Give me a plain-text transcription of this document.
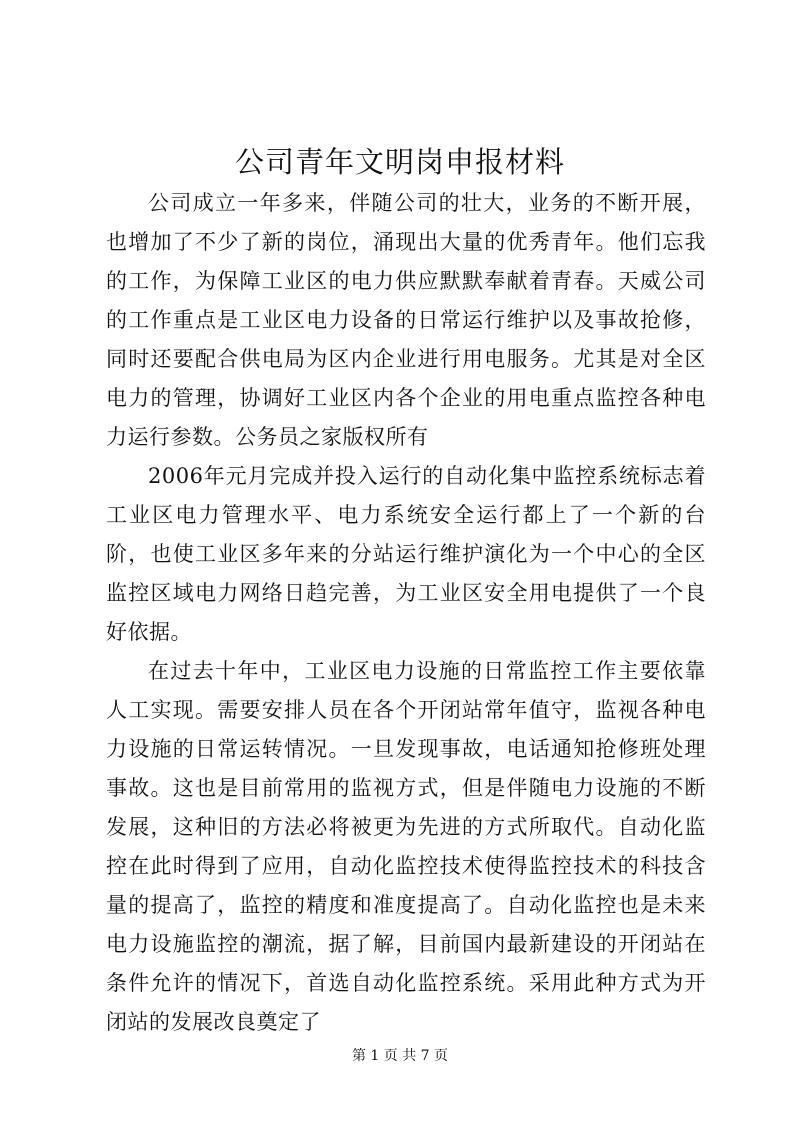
公司青年文明岗申报材料

公司成立一年多来，伴随公司的壮大，业务的不断开展，也增加了不少了新的岗位，涌现出大量的优秀青年。他们忘我的工作，为保障工业区的电力供应默默奉献着青春。天威公司的工作重点是工业区电力设备的日常运行维护以及事故抢修，同时还要配合供电局为区内企业进行用电服务。尤其是对全区电力的管理，协调好工业区内各个企业的用电重点监控各种电力运行参数。公务员之家版权所有

2006年元月完成并投入运行的自动化集中监控系统标志着工业区电力管理水平、电力系统安全运行都上了一个新的台阶，也使工业区多年来的分站运行维护演化为一个中心的全区监控区域电力网络日趋完善，为工业区安全用电提供了一个良好依据。

在过去十年中，工业区电力设施的日常监控工作主要依靠人工实现。需要安排人员在各个开闭站常年值守，监视各种电力设施的日常运转情况。一旦发现事故，电话通知抢修班处理事故。这也是目前常用的监视方式，但是伴随电力设施的不断发展，这种旧的方法必将被更为先进的方式所取代。自动化监控在此时得到了应用，自动化监控技术使得监控技术的科技含量的提高了，监控的精度和准度提高了。自动化监控也是未来电力设施监控的潮流，据了解，目前国内最新建设的开闭站在条件允许的情况下，首选自动化监控系统。采用此种方式为开闭站的发展改良奠定了

第 1 页 共 7 页
